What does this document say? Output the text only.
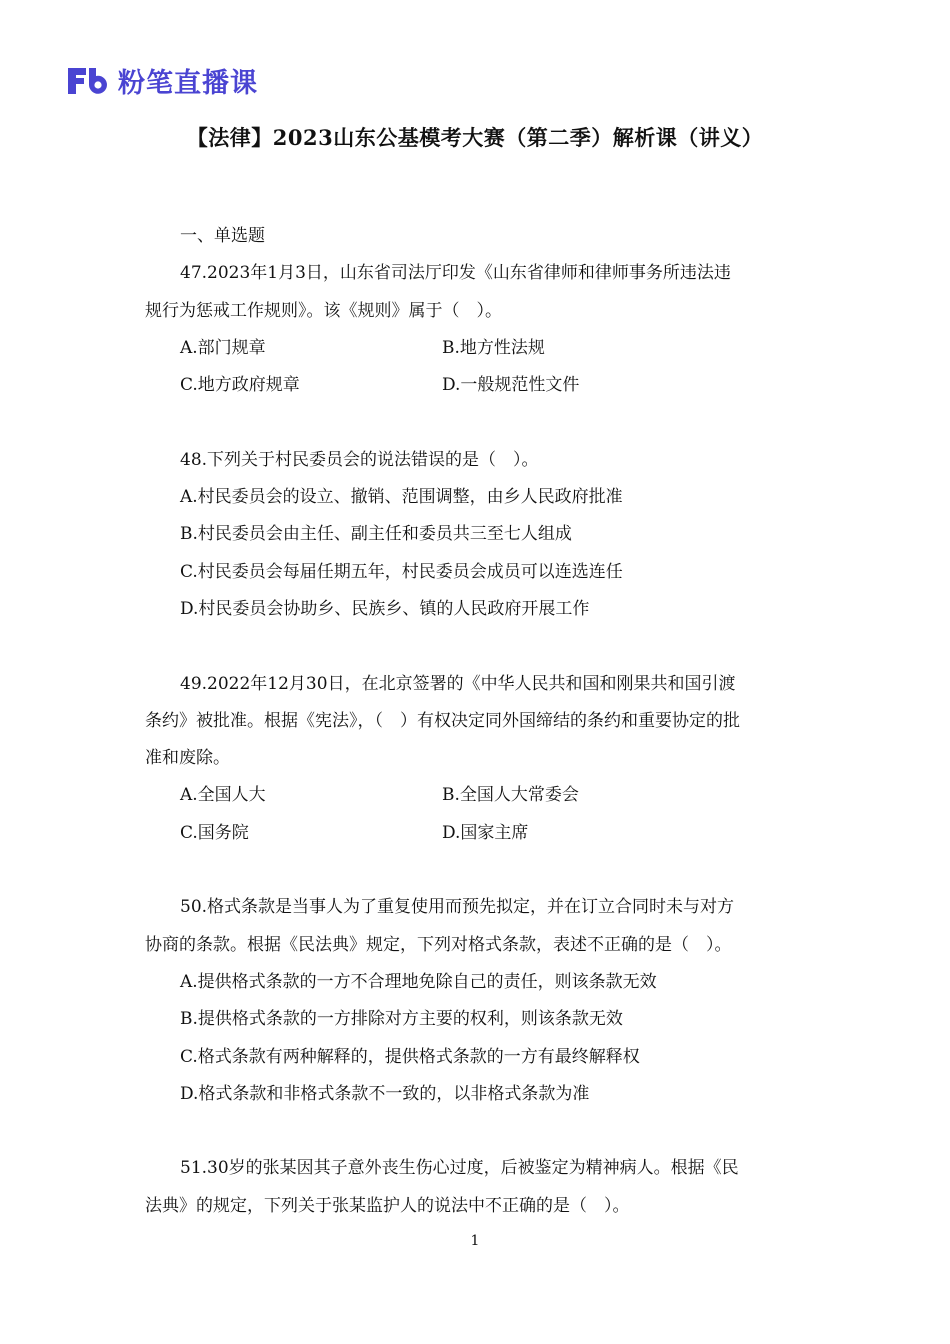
粉笔直播课
【法律】2023山东公基模考大赛（第二季）解析课（讲义）
一、单选题
47.2023年1月3日，山东省司法厅印发《山东省律师和律师事务所违法违
规行为惩戒工作规则》。该《规则》属于（　）。
A.部门规章	B.地方性法规
C.地方政府规章	D.一般规范性文件
48.下列关于村民委员会的说法错误的是（　）。
A.村民委员会的设立、撤销、范围调整，由乡人民政府批准
B.村民委员会由主任、副主任和委员共三至七人组成
C.村民委员会每届任期五年，村民委员会成员可以连选连任
D.村民委员会协助乡、民族乡、镇的人民政府开展工作
49.2022年12月30日，在北京签署的《中华人民共和国和刚果共和国引渡
条约》被批准。根据《宪法》，（　）有权决定同外国缔结的条约和重要协定的批
准和废除。
A.全国人大	B.全国人大常委会
C.国务院	D.国家主席
50.格式条款是当事人为了重复使用而预先拟定，并在订立合同时未与对方
协商的条款。根据《民法典》规定，下列对格式条款，表述不正确的是（　）。
A.提供格式条款的一方不合理地免除自己的责任，则该条款无效
B.提供格式条款的一方排除对方主要的权利，则该条款无效
C.格式条款有两种解释的，提供格式条款的一方有最终解释权
D.格式条款和非格式条款不一致的，以非格式条款为准
51.30岁的张某因其子意外丧生伤心过度，后被鉴定为精神病人。根据《民
法典》的规定，下列关于张某监护人的说法中不正确的是（　）。
1
